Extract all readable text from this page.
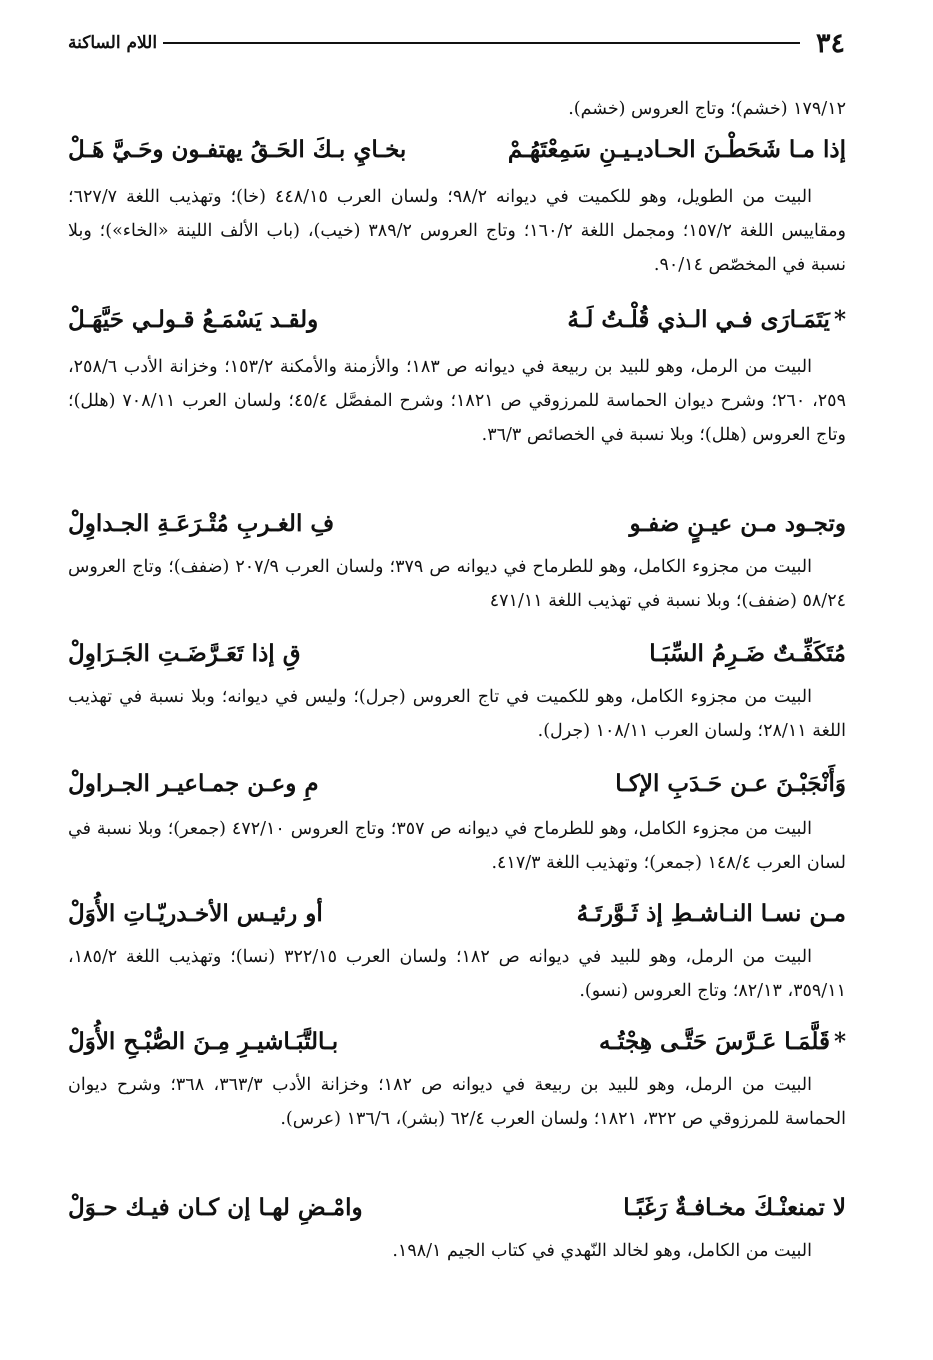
٣٤
اللام الساكنة

١٧٩/١٢ (خشم)؛ وتاج العروس (خشم).

إذا مـا شَحَطْـنَ الحـاديـيـنِ سَمِعْتَهُـمْ
بخـايِ بـكَ الحَـقُ يهتفـون وحَـيَّ هَـلْ

البيت من الطويل، وهو للكميت في ديوانه ٩٨/٢؛ ولسان العرب ٤٤٨/١٥ (خا)؛ وتهذيب اللغة ٦٢٧/٧؛ ومقاييس اللغة ١٥٧/٢؛ ومجمل اللغة ١٦٠/٢؛ وتاج العروس ٣٨٩/٢ (خيب)، (باب الألف اللينة «الخاء»)؛ وبلا نسبة في المخصّص ٩٠/١٤.

*يَتَمَـارَى فـي الـذي قُلْـتُ لَـهُ
ولقـد يَسْمَـعُ قـولـي حَيَّهَـلْ

البيت من الرمل، وهو للبيد بن ربيعة في ديوانه ص ١٨٣؛ والأزمنة والأمكنة ١٥٣/٢؛ وخزانة الأدب ٢٥٨/٦، ٢٥٩، ٢٦٠؛ وشرح ديوان الحماسة للمرزوقي ص ١٨٢١؛ وشرح المفصَّل ٤٥/٤؛ ولسان العرب ٧٠٨/١١ (هلل)؛ وتاج العروس (هلل)؛ وبلا نسبة في الخصائص ٣٦/٣.

وتجـود مـن عيـنٍ ضفـو
فِ الغـربِ مُتْـرَعَـةِ الجـداوِلْ

البيت من مجزوء الكامل، وهو للطرماح في ديوانه ص ٣٧٩؛ ولسان العرب ٢٠٧/٩ (ضفف)؛ وتاج العروس ٥٨/٢٤ (ضفف)؛ وبلا نسبة في تهذيب اللغة ٤٧١/١١

مُتَكَفِّـتٌ ضَـرِمُ السِّبَـا
قِ إذا تَعَـرَّضَـتِ الجَـرَاوِلْ

البيت من مجزوء الكامل، وهو للكميت في تاج العروس (جرل)؛ وليس في ديوانه؛ وبلا نسبة في تهذيب اللغة ٢٨/١١؛ ولسان العرب ١٠٨/١١ (جرل).

وَأَنْجَبْـنَ عـن حَـدَبِ الإكـا
مِ وعـن جمـاعيـر الجـراولْ

البيت من مجزوء الكامل، وهو للطرماح في ديوانه ص ٣٥٧؛ وتاج العروس ٤٧٢/١٠ (جمعر)؛ وبلا نسبة في لسان العرب ١٤٨/٤ (جمعر)؛ وتهذيب اللغة ٤١٧/٣.

مـن نسـا النـاشـطِ إذ ثَـوَّرتَـهُ
أو رئيـس الأخـدريّـاتِ الأُوَلْ

البيت من الرمل، وهو للبيد في ديوانه ص ١٨٢؛ ولسان العرب ٣٢٢/١٥ (نسا)؛ وتهذيب اللغة ١٨٥/٢، ٣٥٩/١١، ٨٢/١٣؛ وتاج العروس (نسو).

*قَلَّمَـا عَـرَّسَ حَتَّـى هِجْتُـه
بـالتَّبَـاشيـرِ مِـنَ الصُّبْـحِ الأُوَلْ

البيت من الرمل، وهو للبيد بن ربيعة في ديوانه ص ١٨٢؛ وخزانة الأدب ٣٦٣/٣، ٣٦٨؛ وشرح ديوان الحماسة للمرزوقي ص ٣٢٢، ١٨٢١؛ ولسان العرب ٦٢/٤ (بشر)، ١٣٦/٦ (عرس).

لا تمنعنْـكَ مخـافـةٌ رَغَبًـا
وامْـضِ لهـا إن كـان فيـك حـوَلْ

البيت من الكامل، وهو لخالد النّهدي في كتاب الجيم ١٩٨/١.
